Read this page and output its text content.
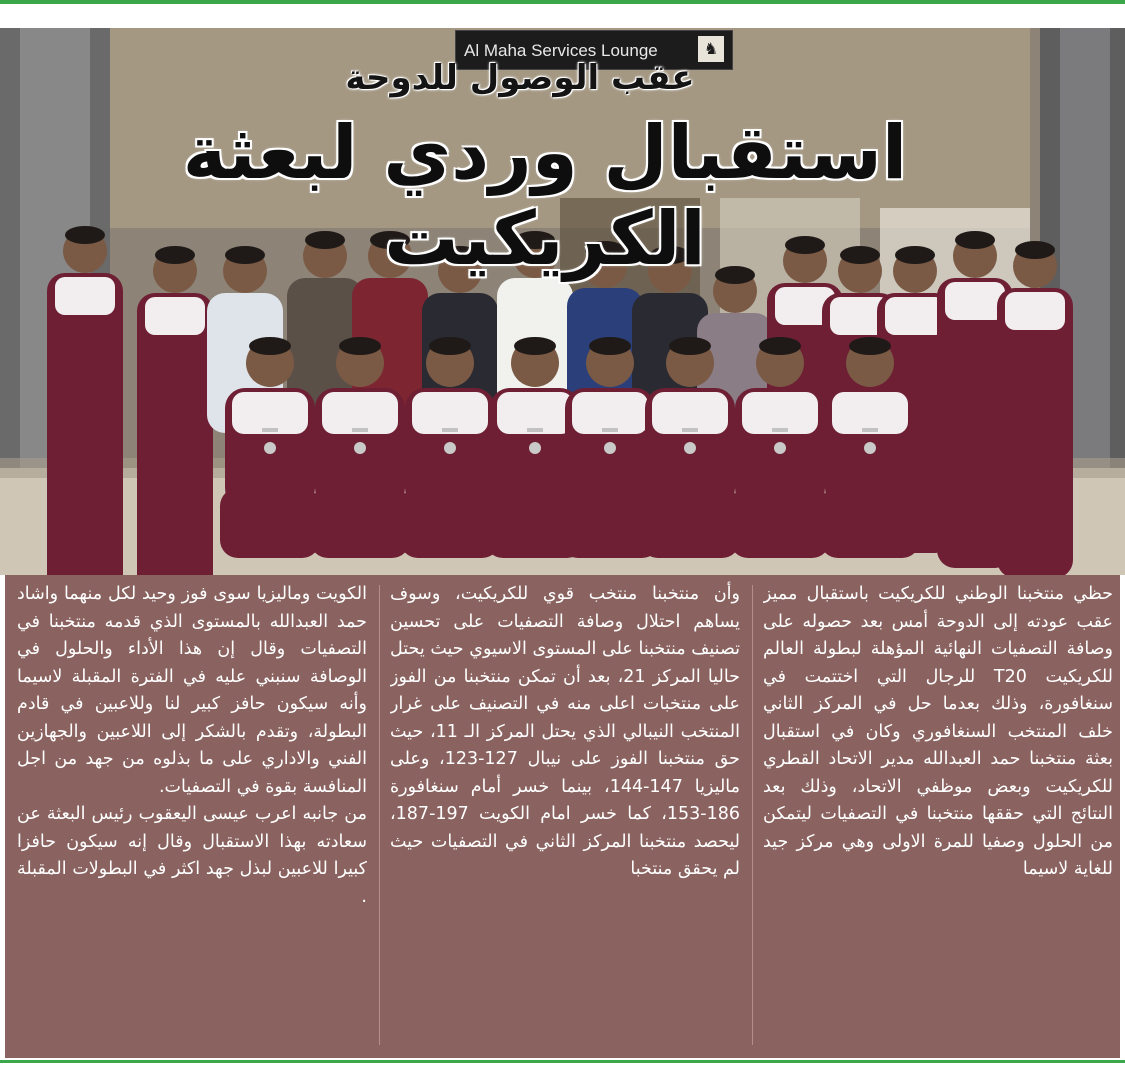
Al Maha Services Lounge	♞
عقب الوصول للدوحة
استقبال وردي لبعثة الكريكيت

حظي منتخبنا الوطني للكريكيت باستقبال مميز عقب عودته إلى الدوحة أمس بعد حصوله على وصافة التصفيات النهائية المؤهلة لبطولة العالم للكريكيت T20 للرجال التي اختتمت في سنغافورة، وذلك بعدما حل في المركز الثاني خلف المنتخب السنغافوري وكان في استقبال بعثة منتخبنا حمد العبدالله مدير الاتحاد القطري للكريكيت وبعض موظفي الاتحاد، وذلك بعد النتائج التي حققها منتخبنا في التصفيات ليتمكن من الحلول وصفيا للمرة الاولى وهي مركز جيد للغاية لاسيما

وأن منتخبنا منتخب قوي للكريكيت، وسوف يساهم احتلال وصافة التصفيات على تحسين تصنيف منتخبنا على المستوى الاسيوي حيث يحتل حاليا المركز 21، بعد أن تمكن منتخبنا من الفوز على منتخبات اعلى منه في التصنيف على غرار المنتخب النيبالي الذي يحتل المركز الـ 11، حيث حق منتخبنا الفوز على نيبال 127-123، وعلى ماليزيا 147-144، بينما خسر أمام سنغافورة 186-153، كما خسر امام الكويت 197-187، ليحصد منتخبنا المركز الثاني في التصفيات حيث لم يحقق منتخبا

الكويت وماليزيا سوى فوز وحيد لكل منهما واشاد حمد العبدالله بالمستوى الذي قدمه منتخبنا في التصفيات وقال إن هذا الأداء والحلول في الوصافة سنبني عليه في الفترة المقبلة لاسيما وأنه سيكون حافز كبير لنا وللاعبين في قادم البطولة، وتقدم بالشكر إلى اللاعبين والجهازين الفني والاداري على ما بذلوه من جهد من اجل المنافسة بقوة في التصفيات.

من جانبه اعرب عيسى اليعقوب رئيس البعثة عن سعادته بهذا الاستقبال وقال إنه سيكون حافزا كبيرا للاعبين لبذل جهد اكثر في البطولات المقبلة .
